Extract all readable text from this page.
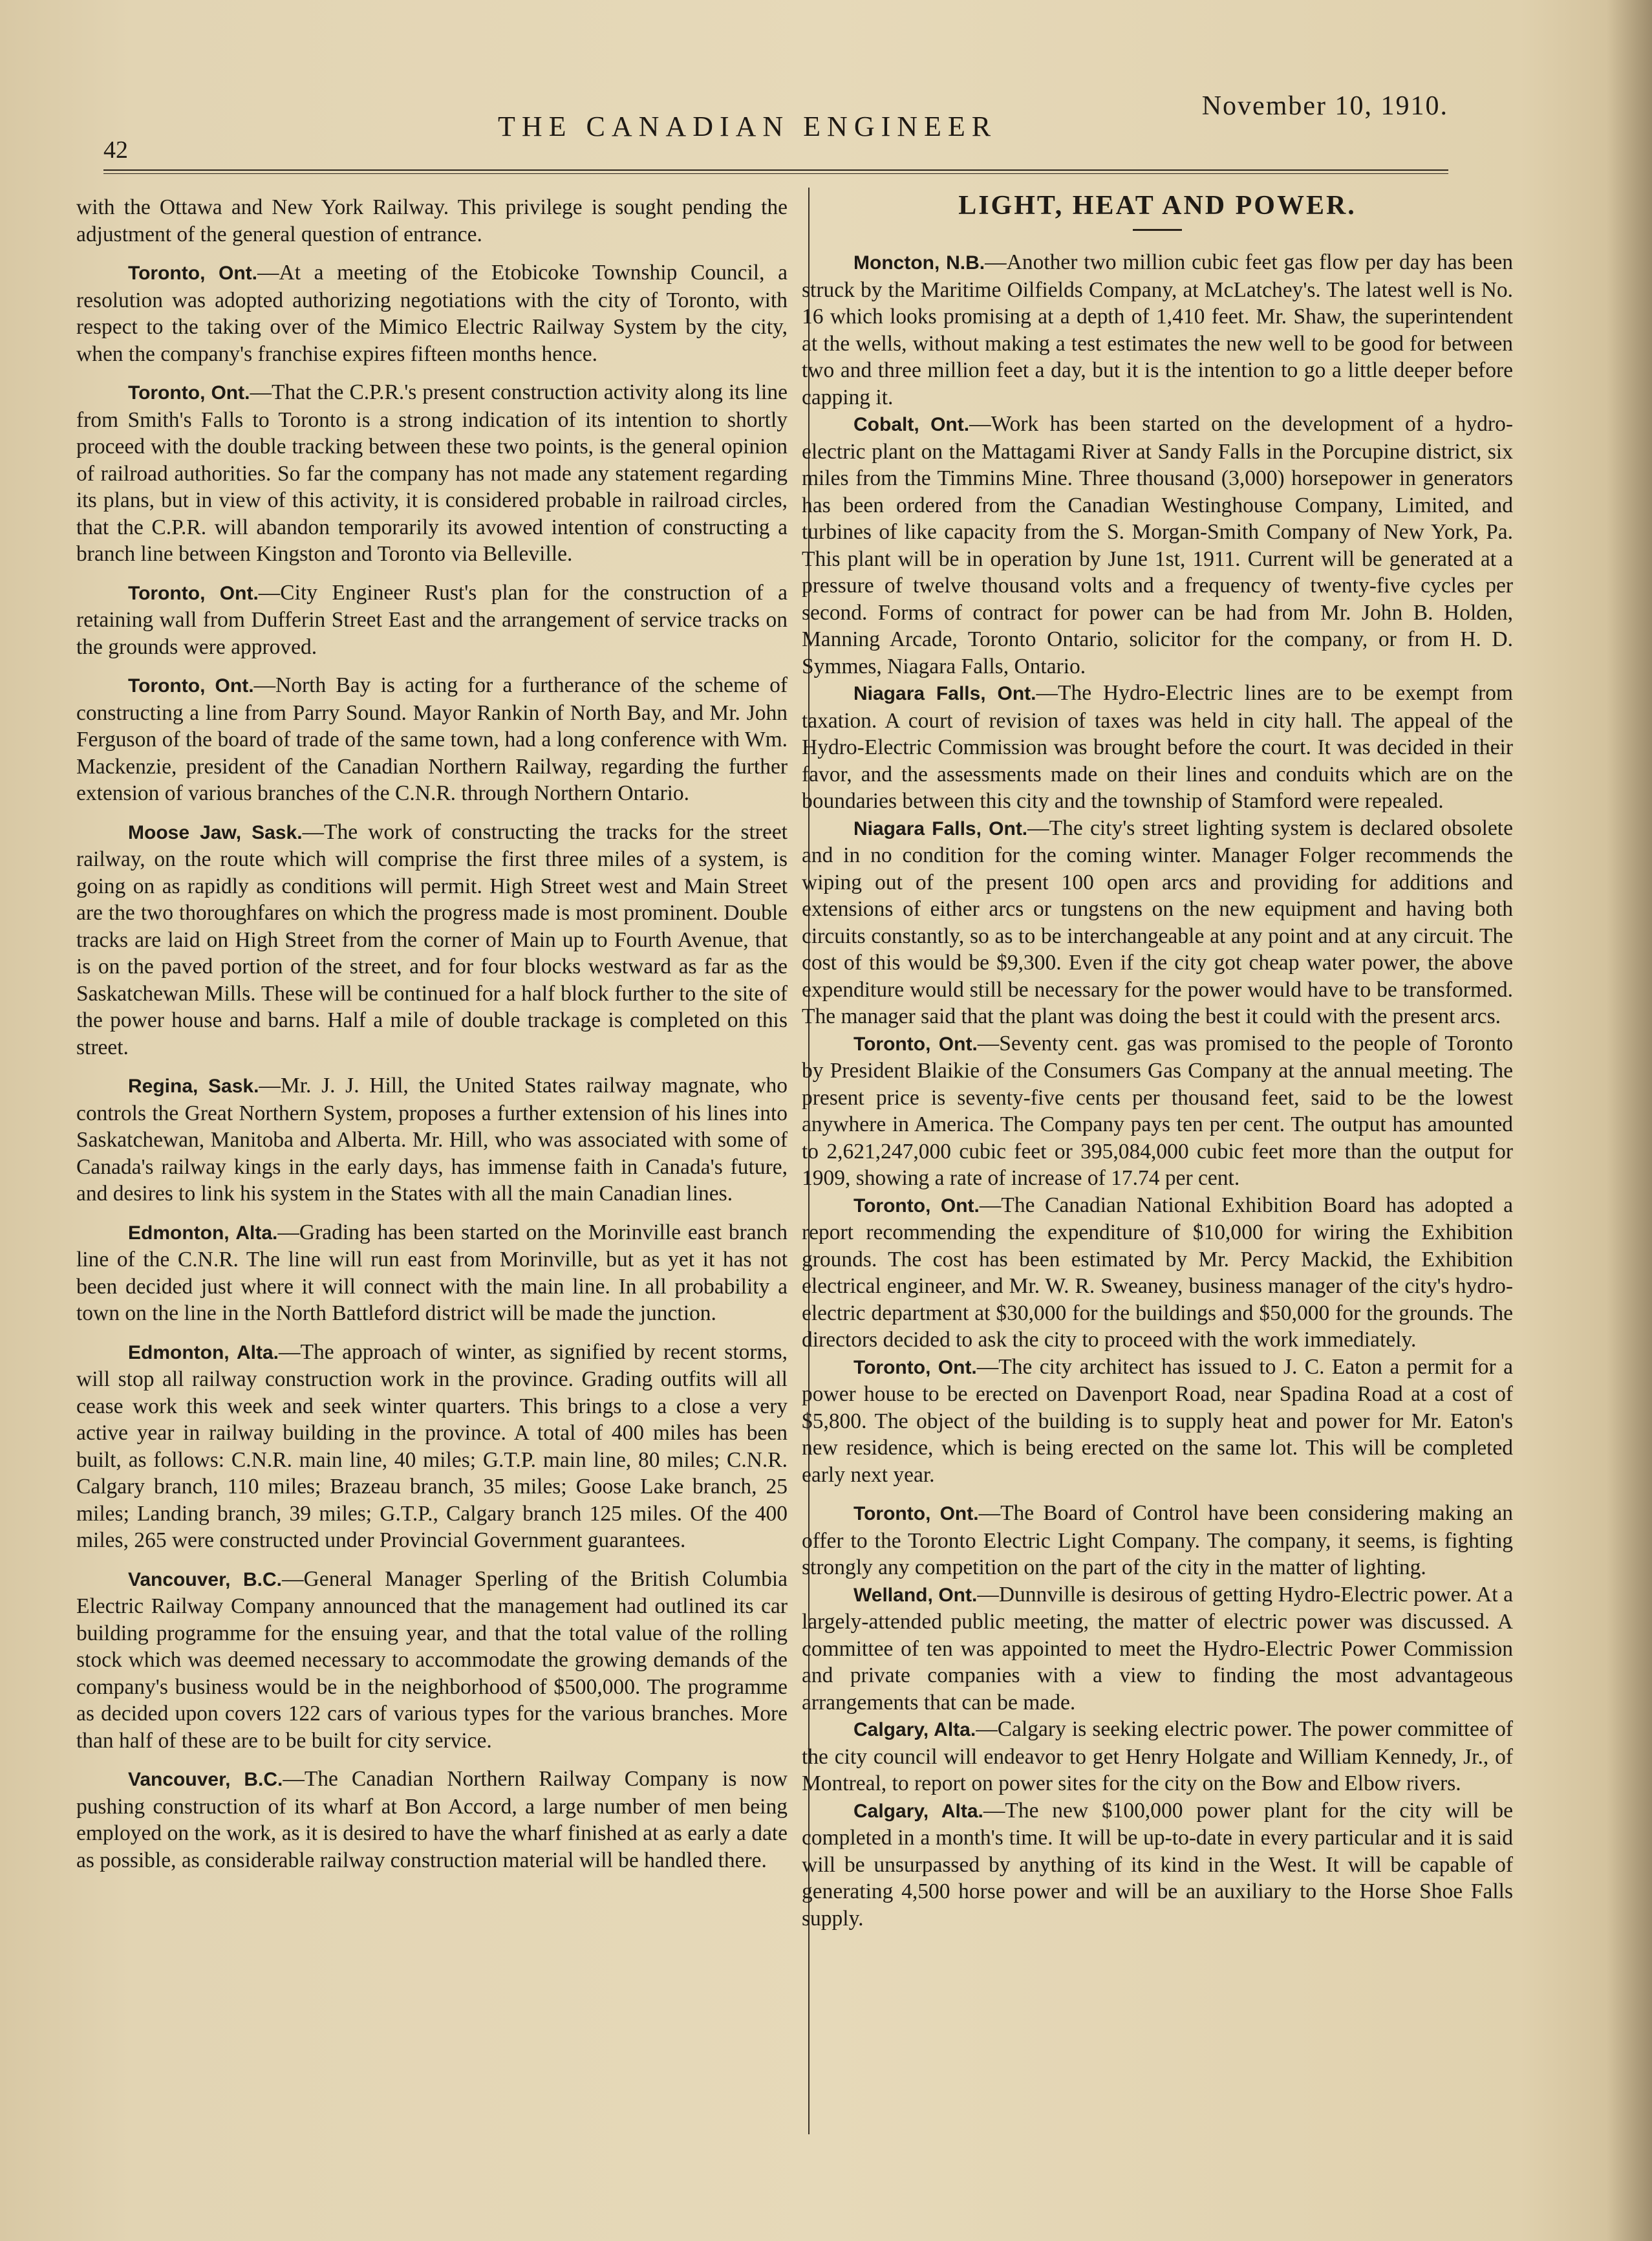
42
THE CANADIAN ENGINEER
November 10, 1910.

with the Ottawa and New York Railway. This privilege is sought pending the adjustment of the general question of entrance.

Toronto, Ont.—At a meeting of the Etobicoke Township Council, a resolution was adopted authorizing negotiations with the city of Toronto, with respect to the taking over of the Mimico Electric Railway System by the city, when the company's franchise expires fifteen months hence.

Toronto, Ont.—That the C.P.R.'s present construction activity along its line from Smith's Falls to Toronto is a strong indication of its intention to shortly proceed with the double tracking between these two points, is the general opinion of railroad authorities. So far the company has not made any statement regarding its plans, but in view of this activity, it is considered probable in railroad circles, that the C.P.R. will abandon temporarily its avowed intention of constructing a branch line between Kingston and Toronto via Belleville.

Toronto, Ont.—City Engineer Rust's plan for the construction of a retaining wall from Dufferin Street East and the arrangement of service tracks on the grounds were approved.

Toronto, Ont.—North Bay is acting for a furtherance of the scheme of constructing a line from Parry Sound. Mayor Rankin of North Bay, and Mr. John Ferguson of the board of trade of the same town, had a long conference with Wm. Mackenzie, president of the Canadian Northern Railway, regarding the further extension of various branches of the C.N.R. through Northern Ontario.

Moose Jaw, Sask.—The work of constructing the tracks for the street railway, on the route which will comprise the first three miles of a system, is going on as rapidly as conditions will permit. High Street west and Main Street are the two thoroughfares on which the progress made is most prominent. Double tracks are laid on High Street from the corner of Main up to Fourth Avenue, that is on the paved portion of the street, and for four blocks westward as far as the Saskatchewan Mills. These will be continued for a half block further to the site of the power house and barns. Half a mile of double trackage is completed on this street.

Regina, Sask.—Mr. J. J. Hill, the United States railway magnate, who controls the Great Northern System, proposes a further extension of his lines into Saskatchewan, Manitoba and Alberta. Mr. Hill, who was associated with some of Canada's railway kings in the early days, has immense faith in Canada's future, and desires to link his system in the States with all the main Canadian lines.

Edmonton, Alta.—Grading has been started on the Morinville east branch line of the C.N.R. The line will run east from Morinville, but as yet it has not been decided just where it will connect with the main line. In all probability a town on the line in the North Battleford district will be made the junction.

Edmonton, Alta.—The approach of winter, as signified by recent storms, will stop all railway construction work in the province. Grading outfits will all cease work this week and seek winter quarters. This brings to a close a very active year in railway building in the province. A total of 400 miles has been built, as follows: C.N.R. main line, 40 miles; G.T.P. main line, 80 miles; C.N.R. Calgary branch, 110 miles; Brazeau branch, 35 miles; Goose Lake branch, 25 miles; Landing branch, 39 miles; G.T.P., Calgary branch 125 miles. Of the 400 miles, 265 were constructed under Provincial Government guarantees.

Vancouver, B.C.—General Manager Sperling of the British Columbia Electric Railway Company announced that the management had outlined its car building programme for the ensuing year, and that the total value of the rolling stock which was deemed necessary to accommodate the growing demands of the company's business would be in the neighborhood of $500,000. The programme as decided upon covers 122 cars of various types for the various branches. More than half of these are to be built for city service.

Vancouver, B.C.—The Canadian Northern Railway Company is now pushing construction of its wharf at Bon Accord, a large number of men being employed on the work, as it is desired to have the wharf finished at as early a date as possible, as considerable railway construction material will be handled there.

LIGHT, HEAT AND POWER.

Moncton, N.B.—Another two million cubic feet gas flow per day has been struck by the Maritime Oilfields Company, at McLatchey's. The latest well is No. 16 which looks promising at a depth of 1,410 feet. Mr. Shaw, the superintendent at the wells, without making a test estimates the new well to be good for between two and three million feet a day, but it is the intention to go a little deeper before capping it.

Cobalt, Ont.—Work has been started on the development of a hydro-electric plant on the Mattagami River at Sandy Falls in the Porcupine district, six miles from the Timmins Mine. Three thousand (3,000) horsepower in generators has been ordered from the Canadian Westinghouse Company, Limited, and turbines of like capacity from the S. Morgan-Smith Company of New York, Pa. This plant will be in operation by June 1st, 1911. Current will be generated at a pressure of twelve thousand volts and a frequency of twenty-five cycles per second. Forms of contract for power can be had from Mr. John B. Holden, Manning Arcade, Toronto Ontario, solicitor for the company, or from H. D. Symmes, Niagara Falls, Ontario.

Niagara Falls, Ont.—The Hydro-Electric lines are to be exempt from taxation. A court of revision of taxes was held in city hall. The appeal of the Hydro-Electric Commission was brought before the court. It was decided in their favor, and the assessments made on their lines and conduits which are on the boundaries between this city and the township of Stamford were repealed.

Niagara Falls, Ont.—The city's street lighting system is declared obsolete and in no condition for the coming winter. Manager Folger recommends the wiping out of the present 100 open arcs and providing for additions and extensions of either arcs or tungstens on the new equipment and having both circuits constantly, so as to be interchangeable at any point and at any circuit. The cost of this would be $9,300. Even if the city got cheap water power, the above expenditure would still be necessary for the power would have to be transformed. The manager said that the plant was doing the best it could with the present arcs.

Toronto, Ont.—Seventy cent. gas was promised to the people of Toronto by President Blaikie of the Consumers Gas Company at the annual meeting. The present price is seventy-five cents per thousand feet, said to be the lowest anywhere in America. The Company pays ten per cent. The output has amounted to 2,621,247,000 cubic feet or 395,084,000 cubic feet more than the output for 1909, showing a rate of increase of 17.74 per cent.

Toronto, Ont.—The Canadian National Exhibition Board has adopted a report recommending the expenditure of $10,000 for wiring the Exhibition grounds. The cost has been estimated by Mr. Percy Mackid, the Exhibition electrical engineer, and Mr. W. R. Sweaney, business manager of the city's hydro-electric department at $30,000 for the buildings and $50,000 for the grounds. The directors decided to ask the city to proceed with the work immediately.

Toronto, Ont.—The city architect has issued to J. C. Eaton a permit for a power house to be erected on Davenport Road, near Spadina Road at a cost of $5,800. The object of the building is to supply heat and power for Mr. Eaton's new residence, which is being erected on the same lot. This will be completed early next year.

Toronto, Ont.—The Board of Control have been considering making an offer to the Toronto Electric Light Company. The company, it seems, is fighting strongly any competition on the part of the city in the matter of lighting.

Welland, Ont.—Dunnville is desirous of getting Hydro-Electric power. At a largely-attended public meeting, the matter of electric power was discussed. A committee of ten was appointed to meet the Hydro-Electric Power Commission and private companies with a view to finding the most advantageous arrangements that can be made.

Calgary, Alta.—Calgary is seeking electric power. The power committee of the city council will endeavor to get Henry Holgate and William Kennedy, Jr., of Montreal, to report on power sites for the city on the Bow and Elbow rivers.

Calgary, Alta.—The new $100,000 power plant for the city will be completed in a month's time. It will be up-to-date in every particular and it is said will be unsurpassed by anything of its kind in the West. It will be capable of generating 4,500 horse power and will be an auxiliary to the Horse Shoe Falls supply.
